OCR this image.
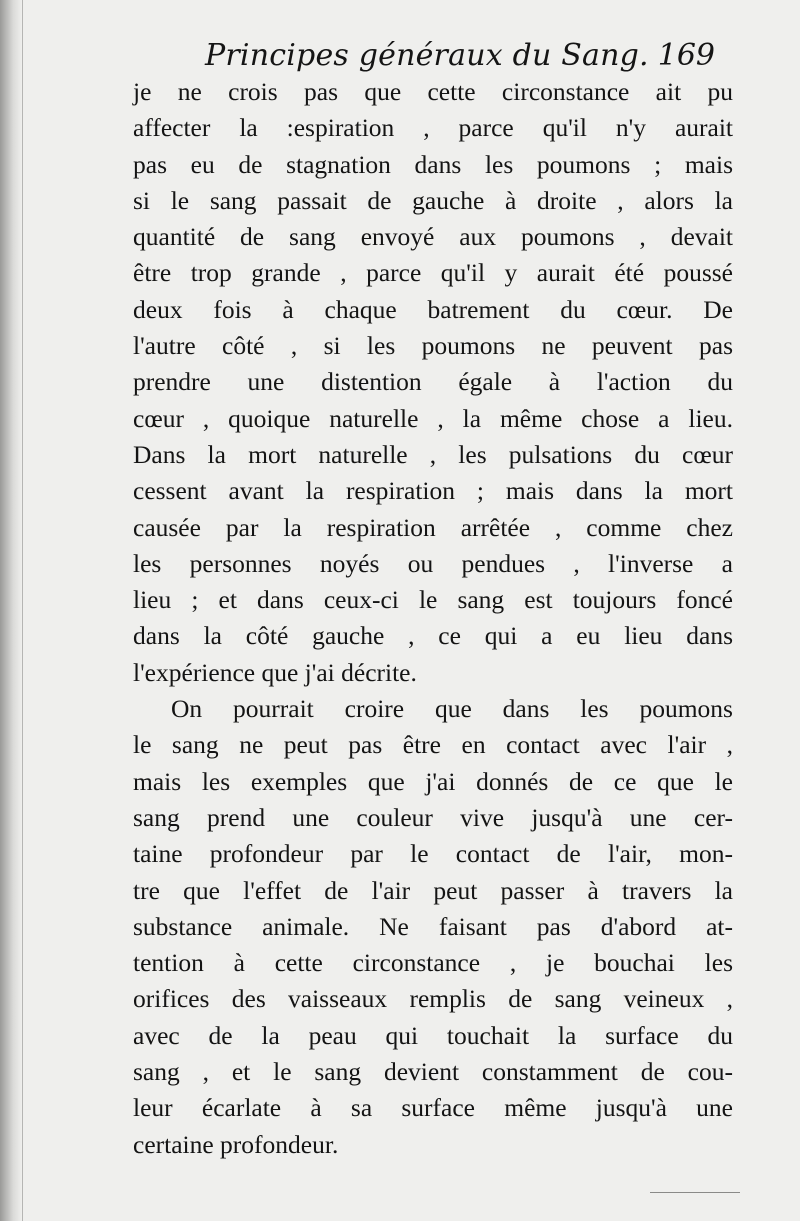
Principes généraux du Sang. 169
je ne crois pas que cette circonstance ait pu
affecter la :espiration , parce qu'il n'y aurait
pas eu de stagnation dans les poumons ; mais
si le sang passait de gauche à droite , alors la
quantité de sang envoyé aux poumons , devait
être trop grande , parce qu'il y aurait été poussé
deux fois à chaque batrement du cœur. De
l'autre côté , si les poumons ne peuvent pas
prendre une distention égale à l'action du
cœur , quoique naturelle , la même chose a lieu.
Dans la mort naturelle , les pulsations du cœur
cessent avant la respiration ; mais dans la mort
causée par la respiration arrêtée , comme chez
les personnes noyés ou pendues , l'inverse a
lieu ; et dans ceux-ci le sang est toujours foncé
dans la côté gauche , ce qui a eu lieu dans
l'expérience que j'ai décrite.
On pourrait croire que dans les poumons
le sang ne peut pas être en contact avec l'air ,
mais les exemples que j'ai donnés de ce que le
sang prend une couleur vive jusqu'à une cer-
taine profondeur par le contact de l'air, mon-
tre que l'effet de l'air peut passer à travers la
substance animale. Ne faisant pas d'abord at-
tention à cette circonstance , je bouchai les
orifices des vaisseaux remplis de sang veineux ,
avec de la peau qui touchait la surface du
sang , et le sang devient constamment de cou-
leur écarlate à sa surface même jusqu'à une
certaine profondeur.
